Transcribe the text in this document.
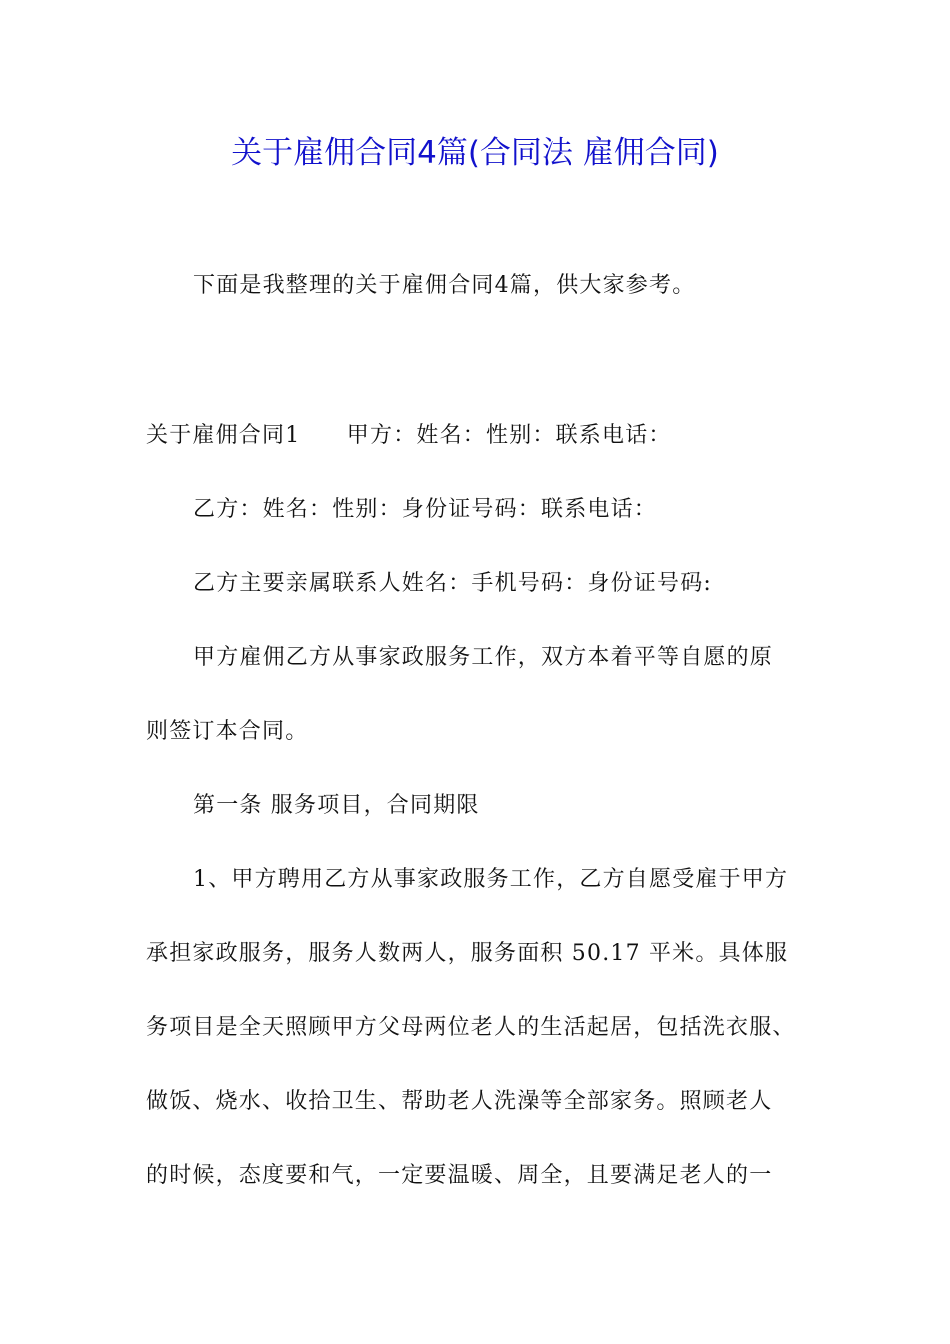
关于雇佣合同4篇(合同法 雇佣合同)
下面是我整理的关于雇佣合同4篇，供大家参考。
关于雇佣合同1　　甲方：姓名：性别：联系电话：
乙方：姓名：性别：身份证号码：联系电话：
乙方主要亲属联系人姓名：手机号码：身份证号码:
甲方雇佣乙方从事家政服务工作，双方本着平等自愿的原
则签订本合同。
第一条 服务项目，合同期限
1、甲方聘用乙方从事家政服务工作，乙方自愿受雇于甲方
承担家政服务，服务人数两人，服务面积 50.17 平米。具体服
务项目是全天照顾甲方父母两位老人的生活起居，包括洗衣服、
做饭、烧水、收拾卫生、帮助老人洗澡等全部家务。照顾老人
的时候，态度要和气，一定要温暖、周全，且要满足老人的一
